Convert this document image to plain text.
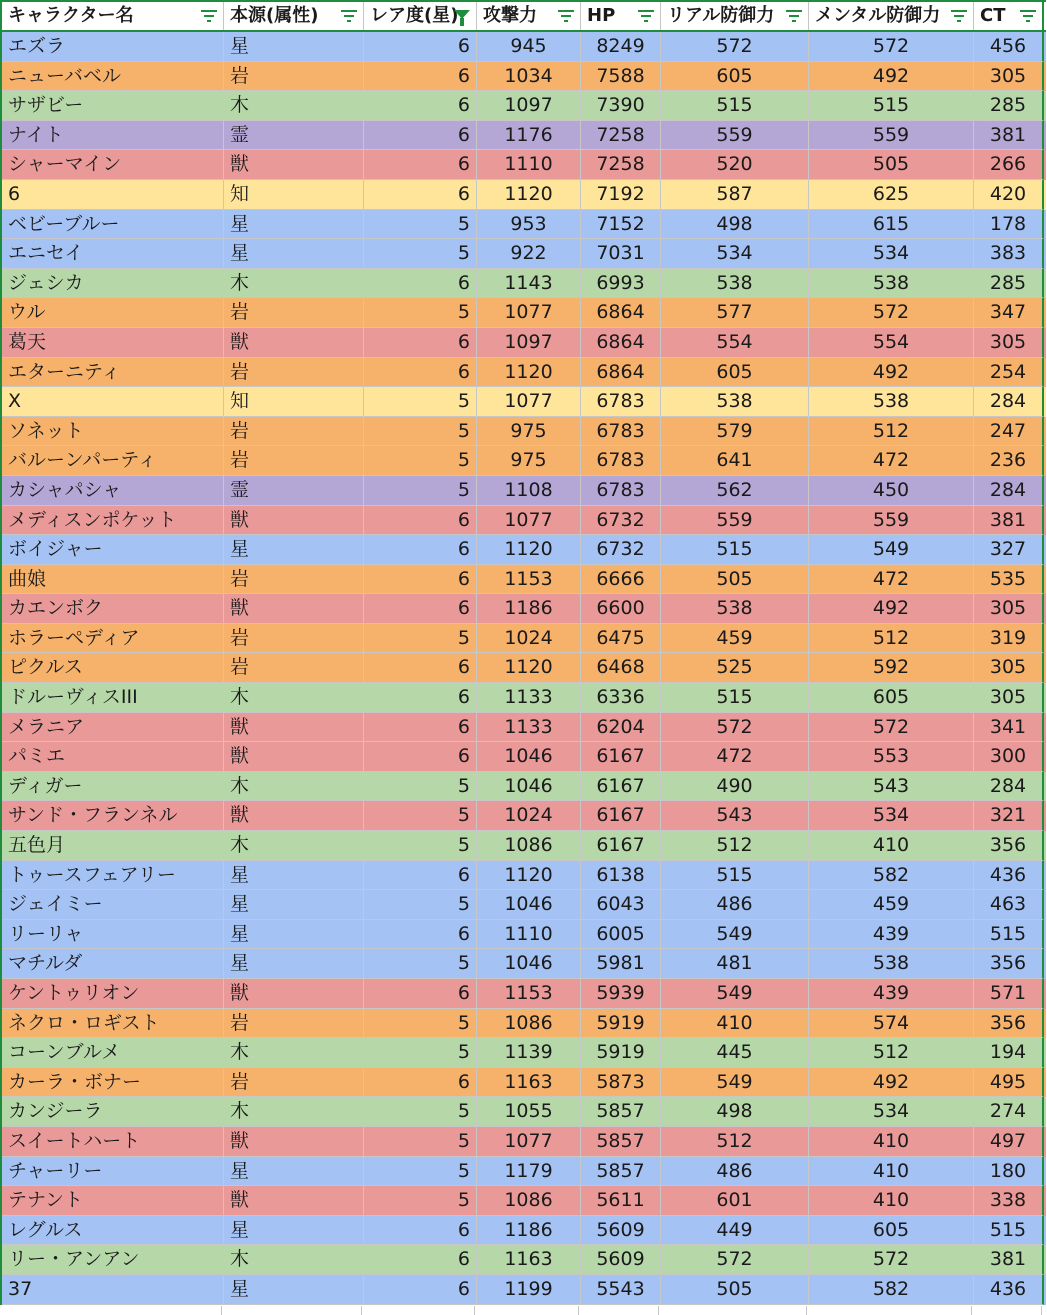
キャラクター名	本源(属性)	レア度(星)	攻撃力	HP	リアル防御力	メンタル防御力	CT
エズラ	星	6	945	8249	572	572	456
ニューバベル	岩	6	1034	7588	605	492	305
サザビー	木	6	1097	7390	515	515	285
ナイト	霊	6	1176	7258	559	559	381
シャーマイン	獣	6	1110	7258	520	505	266
6	知	6	1120	7192	587	625	420
ベビーブルー	星	5	953	7152	498	615	178
エニセイ	星	5	922	7031	534	534	383
ジェシカ	木	6	1143	6993	538	538	285
ウル	岩	5	1077	6864	577	572	347
葛天	獣	6	1097	6864	554	554	305
エターニティ	岩	6	1120	6864	605	492	254
X	知	5	1077	6783	538	538	284
ソネット	岩	5	975	6783	579	512	247
バルーンパーティ	岩	5	975	6783	641	472	236
カシャパシャ	霊	5	1108	6783	562	450	284
メディスンポケット	獣	6	1077	6732	559	559	381
ボイジャー	星	6	1120	6732	515	549	327
曲娘	岩	6	1153	6666	505	472	535
カエンボク	獣	6	1186	6600	538	492	305
ホラーペディア	岩	5	1024	6475	459	512	319
ピクルス	岩	6	1120	6468	525	592	305
ドルーヴィスIII	木	6	1133	6336	515	605	305
メラニア	獣	6	1133	6204	572	572	341
パミエ	獣	6	1046	6167	472	553	300
ディガー	木	5	1046	6167	490	543	284
サンド・フランネル	獣	5	1024	6167	543	534	321
五色月	木	5	1086	6167	512	410	356
トゥースフェアリー	星	6	1120	6138	515	582	436
ジェイミー	星	5	1046	6043	486	459	463
リーリャ	星	6	1110	6005	549	439	515
マチルダ	星	5	1046	5981	481	538	356
ケントゥリオン	獣	6	1153	5939	549	439	571
ネクロ・ロギスト	岩	5	1086	5919	410	574	356
コーンブルメ	木	5	1139	5919	445	512	194
カーラ・ボナー	岩	6	1163	5873	549	492	495
カンジーラ	木	5	1055	5857	498	534	274
スイートハート	獣	5	1077	5857	512	410	497
チャーリー	星	5	1179	5857	486	410	180
テナント	獣	5	1086	5611	601	410	338
レグルス	星	6	1186	5609	449	605	515
リー・アンアン	木	6	1163	5609	572	572	381
37	星	6	1199	5543	505	582	436
